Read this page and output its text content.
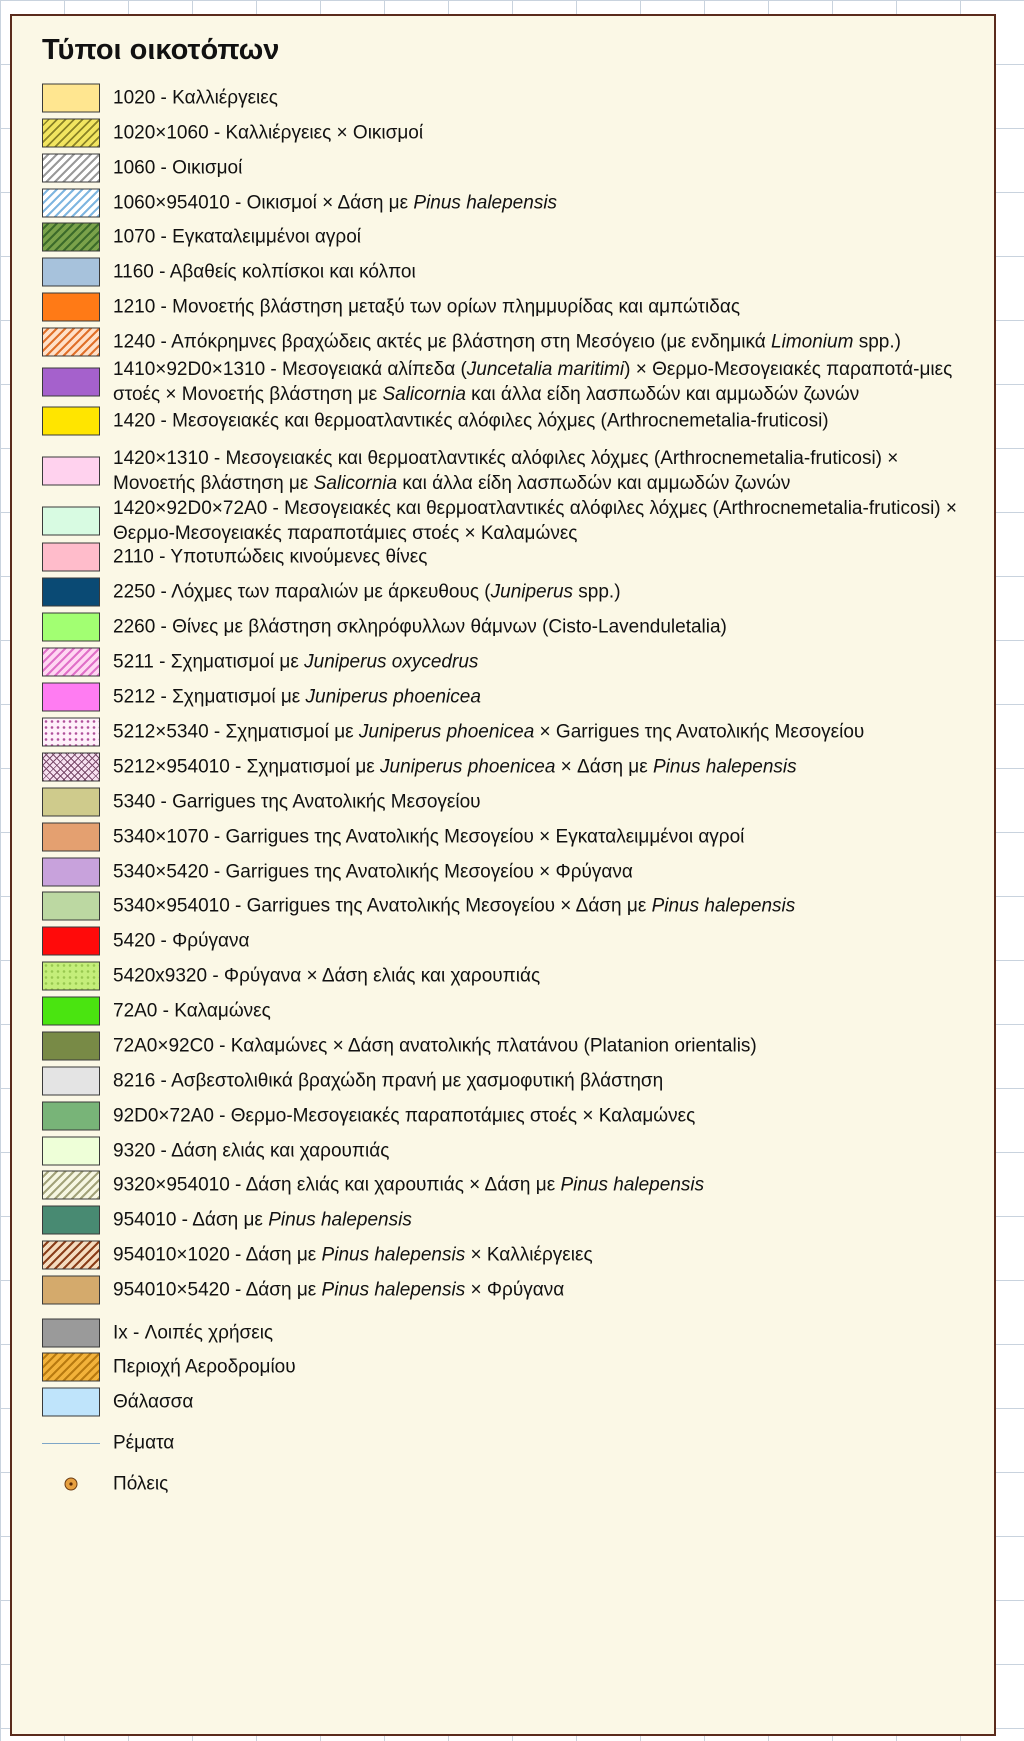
Τύποι οικοτόπων
1020 - Καλλιέργειες
1020×1060 - Καλλιέργειες × Οικισμοί
1060 - Οικισμοί
1060×954010 - Οικισμοί × Δάση με Pinus halepensis
1070 - Εγκαταλειμμένοι αγροί
1160 - Αβαθείς κολπίσκοι και κόλποι
1210 - Μονοετής βλάστηση μεταξύ των ορίων πλημμυρίδας και αμπώτιδας
1240 - Απόκρημνες βραχώδεις ακτές με βλάστηση στη Μεσόγειο (με ενδημικά Limonium spp.)
1410×92D0×1310 - Μεσογειακά αλίπεδα (Juncetalia maritimi) × Θερμο-Μεσογειακές παραποτά-μιες στοές × Μονοετής βλάστηση με Salicornia και άλλα είδη λασπωδών και αμμωδών ζωνών
1420 - Μεσογειακές και θερμοατλαντικές αλόφιλες λόχμες (Arthrocnemetalia-fruticosi)
1420×1310 - Μεσογειακές και θερμοατλαντικές αλόφιλες λόχμες (Arthrocnemetalia-fruticosi) × Μονοετής βλάστηση με Salicornia και άλλα είδη λασπωδών και αμμωδών ζωνών
1420×92D0×72A0 - Μεσογειακές και θερμοατλαντικές αλόφιλες λόχμες (Arthrocnemetalia-fruticosi) × Θερμο-Μεσογειακές παραποτάμιες στοές × Καλαμώνες
2110 - Υποτυπώδεις κινούμενες θίνες
2250 - Λόχμες των παραλιών με άρκευθους (Juniperus spp.)
2260 - Θίνες με βλάστηση σκληρόφυλλων θάμνων (Cisto-Lavenduletalia)
5211 - Σχηματισμοί με Juniperus oxycedrus
5212 - Σχηματισμοί με Juniperus phoenicea
5212×5340 - Σχηματισμοί με Juniperus phoenicea × Garrigues της Ανατολικής Μεσογείου
5212×954010 - Σχηματισμοί με Juniperus phoenicea × Δάση με Pinus halepensis
5340 - Garrigues της Ανατολικής Μεσογείου
5340×1070 - Garrigues της Ανατολικής Μεσογείου × Εγκαταλειμμένοι αγροί
5340×5420 - Garrigues της Ανατολικής Μεσογείου × Φρύγανα
5340×954010 - Garrigues της Ανατολικής Μεσογείου × Δάση με Pinus halepensis
5420 - Φρύγανα
5420x9320 - Φρύγανα × Δάση ελιάς και χαρουπιάς
72A0 - Καλαμώνες
72A0×92C0 - Καλαμώνες × Δάση ανατολικής πλατάνου (Platanion orientalis)
8216 - Ασβεστολιθικά βραχώδη πρανή με χασμοφυτική βλάστηση
92D0×72A0 - Θερμο-Μεσογειακές παραποτάμιες στοές × Καλαμώνες
9320 - Δάση ελιάς και χαρουπιάς
9320×954010 - Δάση ελιάς και χαρουπιάς × Δάση με Pinus halepensis
954010 - Δάση με Pinus halepensis
954010×1020 - Δάση με Pinus halepensis × Καλλιέργειες
954010×5420 - Δάση με Pinus halepensis × Φρύγανα
Ix - Λοιπές χρήσεις
Περιοχή Αεροδρομίου
Θάλασσα
Ρέματα
Πόλεις
